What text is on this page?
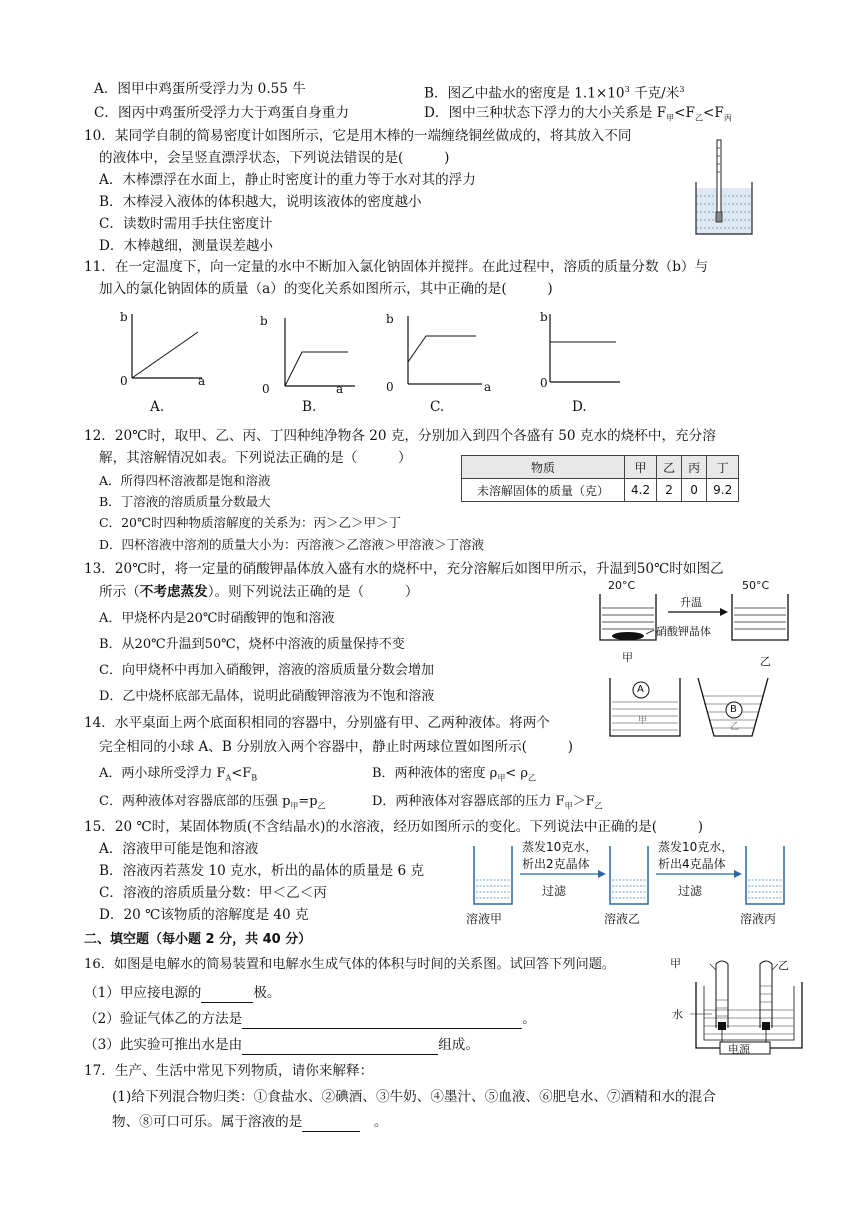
A．图甲中鸡蛋所受浮力为 0.55 牛	B．图乙中盐水的密度是 $1.1\times 10^3$ 千克/米$^3$
C．图丙中鸡蛋所受浮力大于鸡蛋自身重力	D．图中三种状态下浮力的大小关系是 $F_甲<F_乙<F_丙$
10．某同学自制的简易密度计如图所示，它是用木棒的一端缠绕铜丝做成的，将其放入不同
的液体中，会呈竖直漂浮状态，下列说法错误的是(　　　)
A．木棒漂浮在水面上，静止时密度计的重力等于水对其的浮力
B．木棒浸入液体的体积越大，说明该液体的密度越小
C．读数时需用手扶住密度计
D．木棒越细，测量误差越小
11．在一定温度下，向一定量的水中不断加入氯化钠固体并搅拌。在此过程中，溶质的质量分数（b）与
加入的氯化钠固体的质量（a）的变化关系如图所示，其中正确的是(　　　)
b
0	a
b
0	a
b
0	a
b
0
A.	B.	C.	D.
12．20℃时，取甲、乙、丙、丁四种纯净物各 20 克，分别加入到四个各盛有 50 克水的烧杯中，充分溶
解，其溶解情况如表。下列说法正确的是（　　　）
A．所得四杯溶液都是饱和溶液
B．丁溶液的溶质质量分数最大
C．20℃时四种物质溶解度的关系为：丙＞乙＞甲＞丁
D．四杯溶液中溶剂的质量大小为：丙溶液＞乙溶液＞甲溶液＞丁溶液
物质	甲	乙	丙	丁
未溶解固体的质量（克）	4.2	2	0	9.2
13．20℃时，将一定量的硝酸钾晶体放入盛有水的烧杯中，充分溶解后如图甲所示，升温到50℃时如图乙
所示（不考虑蒸发）。则下列说法正确的是（　　　）
A．甲烧杯内是20℃时硝酸钾的饱和溶液
B．从20℃升温到50℃，烧杯中溶液的质量保持不变
C．向甲烧杯中再加入硝酸钾，溶液的溶质质量分数会增加
D．乙中烧杯底部无晶体，说明此硝酸钾溶液为不饱和溶液
20°C	50°C
升温
硝酸钾晶体
甲	乙
14．水平桌面上两个底面积相同的容器中，分别盛有甲、乙两种液体。将两个
完全相同的小球 A、B 分别放入两个容器中，静止时两球位置如图所示(　　　)
A．两小球所受浮力 $F_A<F_B$	B．两种液体的密度 $\rho_甲< \rho_乙$
C．两种液体对容器底部的压强 $p_甲=p_乙$	D．两种液体对容器底部的压力 $F_甲>F_乙$
A
B
甲
乙
15．20 ℃时，某固体物质(不含结晶水)的水溶液，经历如图所示的变化。下列说法中正确的是(　　　)
A．溶液甲可能是饱和溶液
B．溶液丙若蒸发 10 克水，析出的晶体的质量是 6 克
C．溶液的溶质质量分数：甲＜乙＜丙
D．20 ℃该物质的溶解度是 40 克
蒸发10克水，
析出2克晶体
过滤
蒸发10克水，
析出4克晶体
过滤
溶液甲	溶液乙	溶液丙
二、填空题（每小题 2 分，共 40 分）
16．如图是电解水的简易装置和电解水生成气体的体积与时间的关系图。试回答下列问题。
（1）甲应接电源的	极。
（2）验证气体乙的方法是	。
（3）此实验可推出水是由	组成。
甲	乙
水
电源
17．生产、生活中常见下列物质，请你来解释：
(1)给下列混合物归类：①食盐水、②碘酒、③牛奶、④墨汁、⑤血液、⑥肥皂水、⑦酒精和水的混合
物、⑧可口可乐。属于溶液的是	　。
